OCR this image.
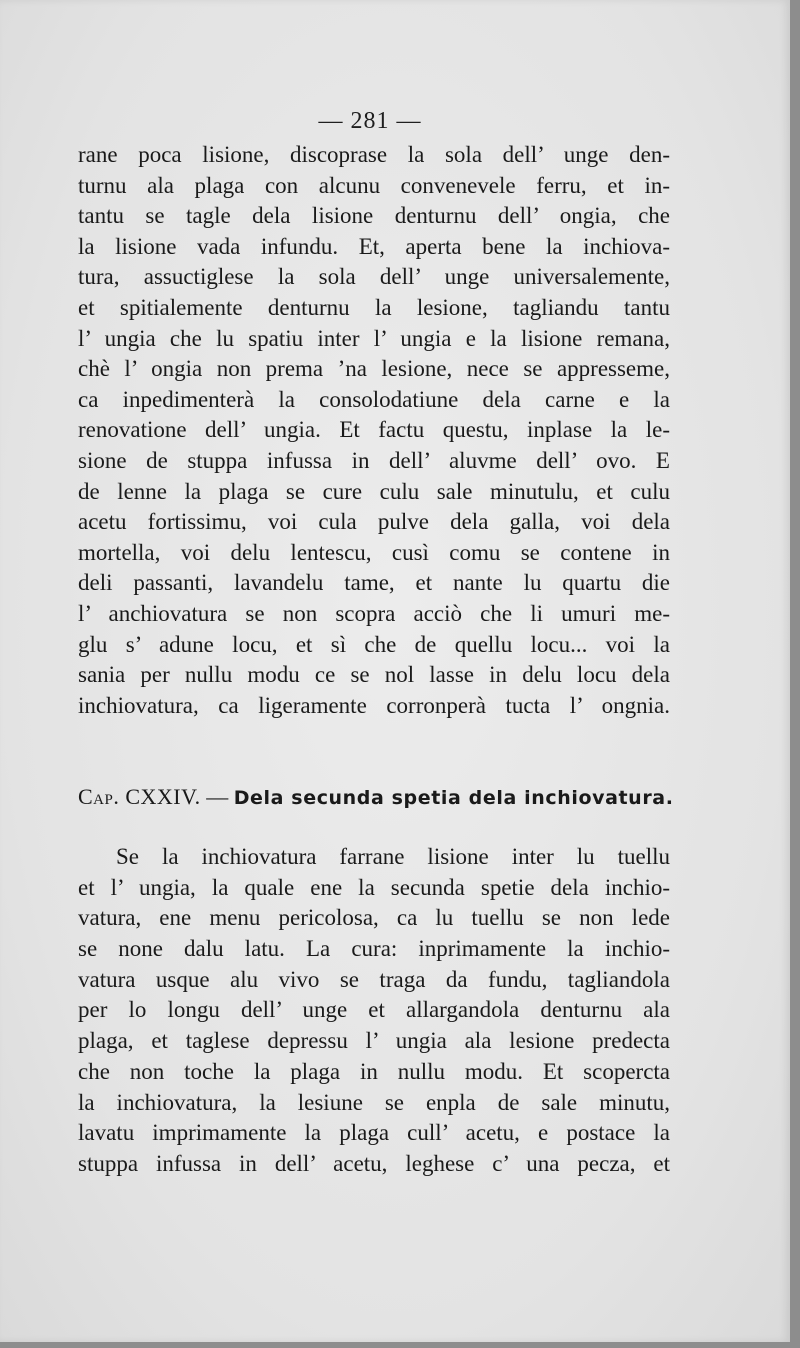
— 281 —
rane poca lisione, discoprase la sola dell’ unge den-
turnu ala plaga con alcunu convenevele ferru, et in-
tantu se tagle dela lisione denturnu dell’ ongia, che
la lisione vada infundu. Et, aperta bene la inchiova-
tura, assuctiglese la sola dell’ unge universalemente,
et spitialemente denturnu la lesione, tagliandu tantu
l’ ungia che lu spatiu inter l’ ungia e la lisione remana,
chè l’ ongia non prema ’na lesione, nece se appresseme,
ca inpedimenterà la consolodatiune dela carne e la
renovatione dell’ ungia. Et factu questu, inplase la le-
sione de stuppa infussa in dell’ aluvme dell’ ovo. E
de lenne la plaga se cure culu sale minutulu, et culu
acetu fortissimu, voi cula pulve dela galla, voi dela
mortella, voi delu lentescu, cusì comu se contene in
deli passanti, lavandelu tame, et nante lu quartu die
l’ anchiovatura se non scopra acciò che li umuri me-
glu s’ adune locu, et sì che de quellu locu... voi la
sania per nullu modu ce se nol lasse in delu locu dela
inchiovatura, ca ligeramente corronperà tucta l’ ongnia.
Cap. CXXIV. — Dela secunda spetia dela inchiovatura.
Se la inchiovatura farrane lisione inter lu tuellu
et l’ ungia, la quale ene la secunda spetie dela inchio-
vatura, ene menu pericolosa, ca lu tuellu se non lede
se none dalu latu. La cura: inprimamente la inchio-
vatura usque alu vivo se traga da fundu, tagliandola
per lo longu dell’ unge et allargandola denturnu ala
plaga, et taglese depressu l’ ungia ala lesione predecta
che non toche la plaga in nullu modu. Et scopercta
la inchiovatura, la lesiune se enpla de sale minutu,
lavatu imprimamente la plaga cull’ acetu, e postace la
stuppa infussa in dell’ acetu, leghese c’ una pecza, et
